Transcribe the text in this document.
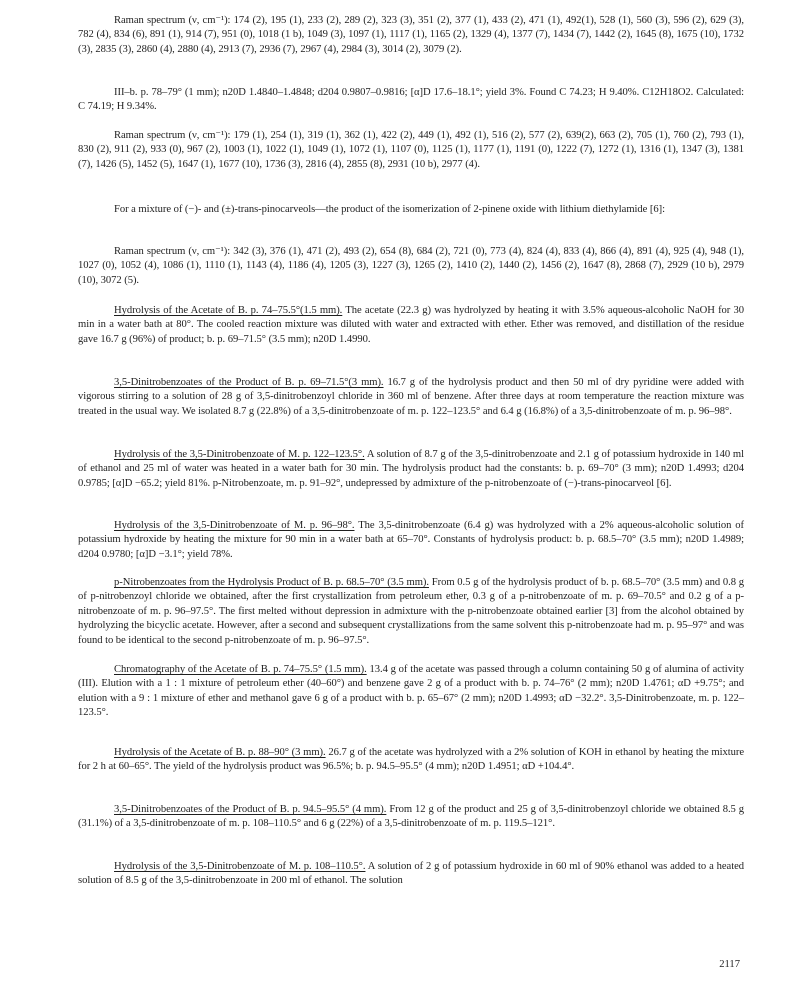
Raman spectrum (ν, cm⁻¹): 174 (2), 195 (1), 233 (2), 289 (2), 323 (3), 351 (2), 377 (1), 433 (2), 471 (1), 492(1), 528 (1), 560 (3), 596 (2), 629 (3), 782 (4), 834 (6), 891 (1), 914 (7), 951 (0), 1018 (1 b), 1049 (3), 1097 (1), 1117 (1), 1165 (2), 1329 (4), 1377 (7), 1434 (7), 1442 (2), 1645 (8), 1675 (10), 1732 (3), 2835 (3), 2860 (4), 2880 (4), 2913 (7), 2936 (7), 2967 (4), 2984 (3), 3014 (2), 3079 (2).

III–b. p. 78–79° (1 mm); n20D 1.4840–1.4848; d204 0.9807–0.9816; [α]D 17.6–18.1°; yield 3%. Found C 74.23; H 9.40%. C12H18O2. Calculated: C 74.19; H 9.34%.

Raman spectrum (ν, cm⁻¹): 179 (1), 254 (1), 319 (1), 362 (1), 422 (2), 449 (1), 492 (1), 516 (2), 577 (2), 639(2), 663 (2), 705 (1), 760 (2), 793 (1), 830 (2), 911 (2), 933 (0), 967 (2), 1003 (1), 1022 (1), 1049 (1), 1072 (1), 1107 (0), 1125 (1), 1177 (1), 1191 (0), 1222 (7), 1272 (1), 1316 (1), 1347 (3), 1381 (7), 1426 (5), 1452 (5), 1647 (1), 1677 (10), 1736 (3), 2816 (4), 2855 (8), 2931 (10 b), 2977 (4).

For a mixture of (−)- and (±)-trans-pinocarveols—the product of the isomerization of 2-pinene oxide with lithium diethylamide [6]:

Raman spectrum (ν, cm⁻¹): 342 (3), 376 (1), 471 (2), 493 (2), 654 (8), 684 (2), 721 (0), 773 (4), 824 (4), 833 (4), 866 (4), 891 (4), 925 (4), 948 (1), 1027 (0), 1052 (4), 1086 (1), 1110 (1), 1143 (4), 1186 (4), 1205 (3), 1227 (3), 1265 (2), 1410 (2), 1440 (2), 1456 (2), 1647 (8), 2868 (7), 2929 (10 b), 2979 (10), 3072 (5).

Hydrolysis of the Acetate of B. p. 74–75.5°(1.5 mm). The acetate (22.3 g) was hydrolyzed by heating it with 3.5% aqueous-alcoholic NaOH for 30 min in a water bath at 80°. The cooled reaction mixture was diluted with water and extracted with ether. Ether was removed, and distillation of the residue gave 16.7 g (96%) of product; b. p. 69–71.5° (3.5 mm); n20D 1.4990.

3,5-Dinitrobenzoates of the Product of B. p. 69–71.5°(3 mm). 16.7 g of the hydrolysis product and then 50 ml of dry pyridine were added with vigorous stirring to a solution of 28 g of 3,5-dinitrobenzoyl chloride in 360 ml of benzene. After three days at room temperature the reaction mixture was treated in the usual way. We isolated 8.7 g (22.8%) of a 3,5-dinitrobenzoate of m. p. 122–123.5° and 6.4 g (16.8%) of a 3,5-dinitrobenzoate of m. p. 96–98°.

Hydrolysis of the 3,5-Dinitrobenzoate of M. p. 122–123.5°. A solution of 8.7 g of the 3,5-dinitrobenzoate and 2.1 g of potassium hydroxide in 140 ml of ethanol and 25 ml of water was heated in a water bath for 30 min. The hydrolysis product had the constants: b. p. 69–70° (3 mm); n20D 1.4993; d204 0.9785; [α]D −65.2; yield 81%. p-Nitrobenzoate, m. p. 91–92°, undepressed by admixture of the p-nitrobenzoate of (−)-trans-pinocarveol [6].

Hydrolysis of the 3,5-Dinitrobenzoate of M. p. 96–98°. The 3,5-dinitrobenzoate (6.4 g) was hydrolyzed with a 2% aqueous-alcoholic solution of potassium hydroxide by heating the mixture for 90 min in a water bath at 65–70°. Constants of hydrolysis product: b. p. 68.5–70° (3.5 mm); n20D 1.4989; d204 0.9780; [α]D −3.1°; yield 78%.

p-Nitrobenzoates from the Hydrolysis Product of B. p. 68.5–70° (3.5 mm). From 0.5 g of the hydrolysis product of b. p. 68.5–70° (3.5 mm) and 0.8 g of p-nitrobenzoyl chloride we obtained, after the first crystallization from petroleum ether, 0.3 g of a p-nitrobenzoate of m. p. 69–70.5° and 0.2 g of a p-nitrobenzoate of m. p. 96–97.5°. The first melted without depression in admixture with the p-nitrobenzoate obtained earlier [3] from the alcohol obtained by hydrolyzing the bicyclic acetate. However, after a second and subsequent crystallizations from the same solvent this p-nitrobenzoate had m. p. 95–97° and was found to be identical to the second p-nitrobenzoate of m. p. 96–97.5°.

Chromatography of the Acetate of B. p. 74–75.5° (1.5 mm). 13.4 g of the acetate was passed through a column containing 50 g of alumina of activity (III). Elution with a 1 : 1 mixture of petroleum ether (40–60°) and benzene gave 2 g of a product with b. p. 74–76° (2 mm); n20D 1.4761; αD +9.75°; and elution with a 9 : 1 mixture of ether and methanol gave 6 g of a product with b. p. 65–67° (2 mm); n20D 1.4993; αD −32.2°. 3,5-Dinitrobenzoate, m. p. 122–123.5°.

Hydrolysis of the Acetate of B. p. 88–90° (3 mm). 26.7 g of the acetate was hydrolyzed with a 2% solution of KOH in ethanol by heating the mixture for 2 h at 60–65°. The yield of the hydrolysis product was 96.5%; b. p. 94.5–95.5° (4 mm); n20D 1.4951; αD +104.4°.

3,5-Dinitrobenzoates of the Product of B. p. 94.5–95.5° (4 mm). From 12 g of the product and 25 g of 3,5-dinitrobenzoyl chloride we obtained 8.5 g (31.1%) of a 3,5-dinitrobenzoate of m. p. 108–110.5° and 6 g (22%) of a 3,5-dinitrobenzoate of m. p. 119.5–121°.

Hydrolysis of the 3,5-Dinitrobenzoate of M. p. 108–110.5°. A solution of 2 g of potassium hydroxide in 60 ml of 90% ethanol was added to a heated solution of 8.5 g of the 3,5-dinitrobenzoate in 200 ml of ethanol. The solution

2117
